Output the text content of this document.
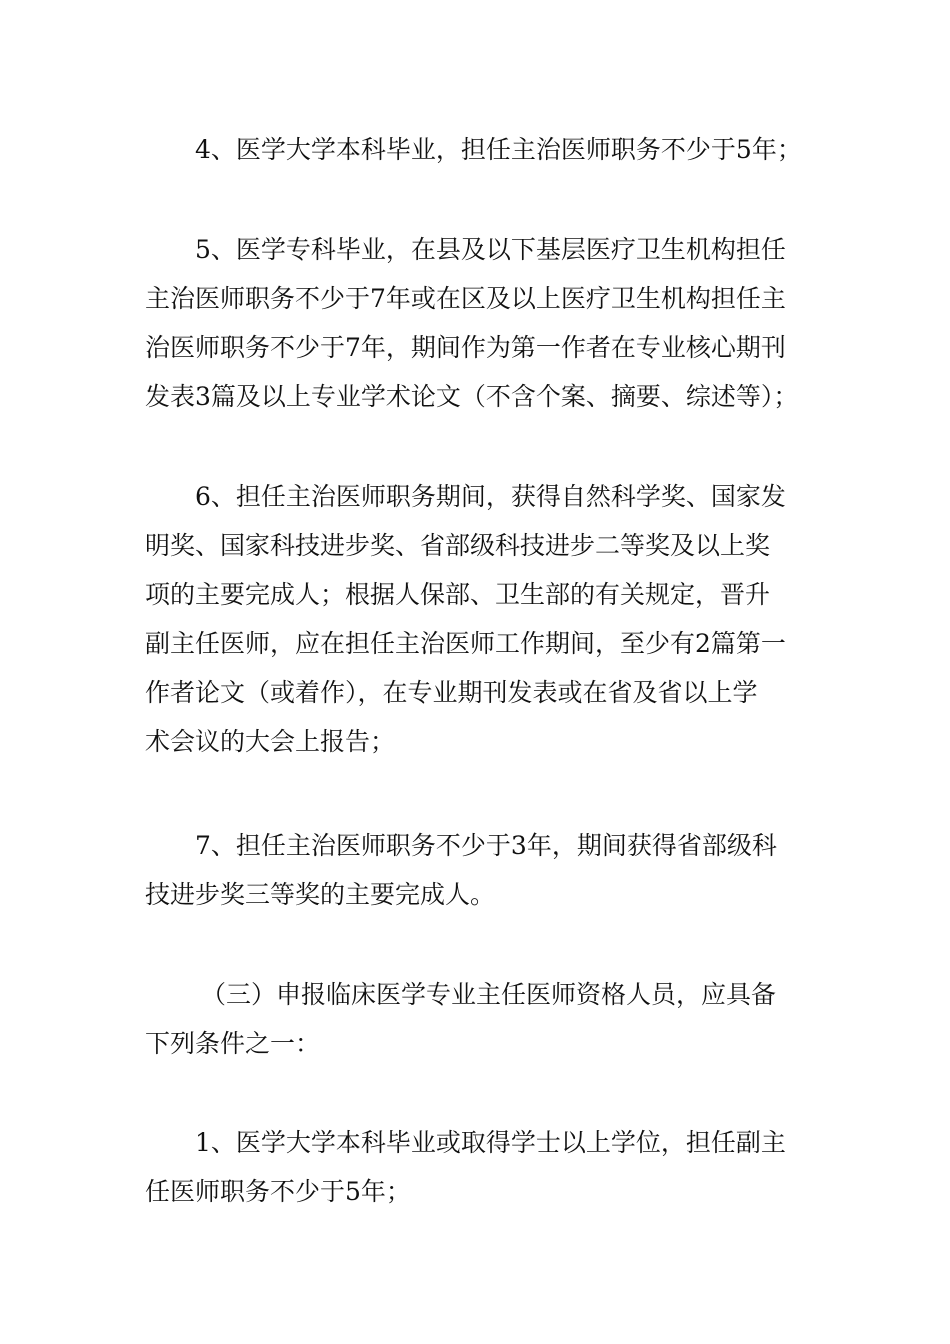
4、医学大学本科毕业，担任主治医师职务不少于5年；

5、医学专科毕业，在县及以下基层医疗卫生机构担任
主治医师职务不少于7年或在区及以上医疗卫生机构担任主
治医师职务不少于7年，期间作为第一作者在专业核心期刊
发表3篇及以上专业学术论文（不含个案、摘要、综述等）；

6、担任主治医师职务期间，获得自然科学奖、国家发
明奖、国家科技进步奖、省部级科技进步二等奖及以上奖
项的主要完成人；根据人保部、卫生部的有关规定，晋升
副主任医师，应在担任主治医师工作期间，至少有2篇第一
作者论文（或着作），在专业期刊发表或在省及省以上学
术会议的大会上报告；

7、担任主治医师职务不少于3年，期间获得省部级科
技进步奖三等奖的主要完成人。

（三）申报临床医学专业主任医师资格人员，应具备
下列条件之一：

1、医学大学本科毕业或取得学士以上学位，担任副主
任医师职务不少于5年；
